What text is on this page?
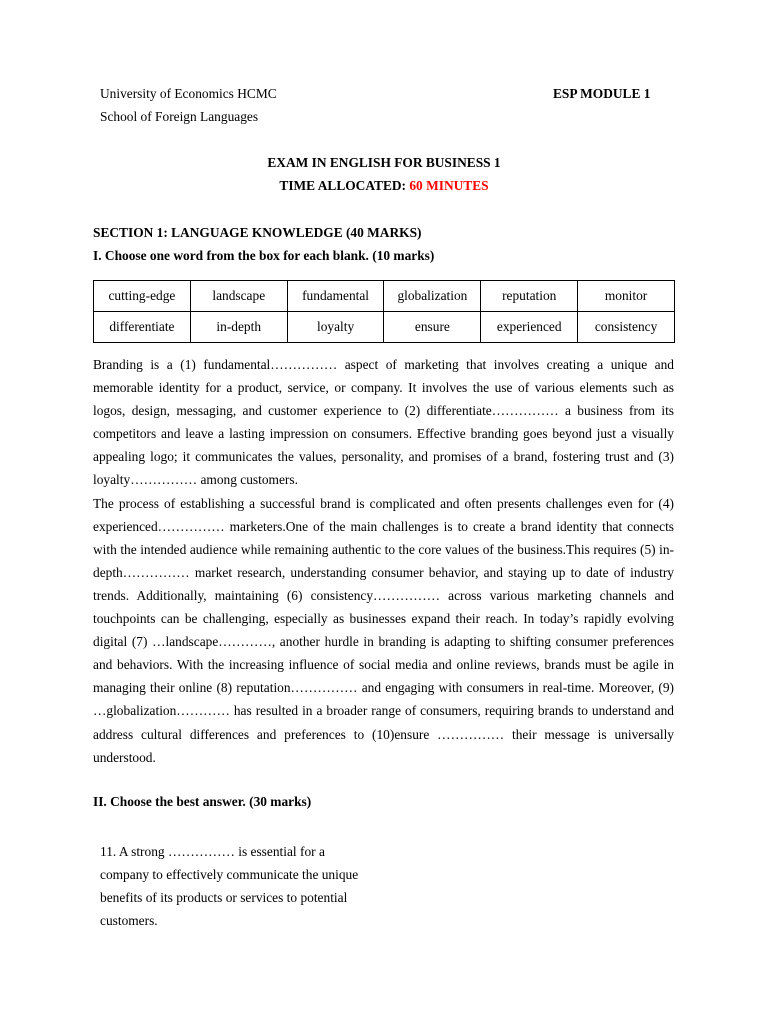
University of Economics HCMC
School of Foreign Languages
ESP MODULE 1
EXAM IN ENGLISH FOR BUSINESS 1
TIME ALLOCATED: 60 MINUTES
SECTION 1: LANGUAGE KNOWLEDGE (40 MARKS)
I. Choose one word from the box for each blank. (10 marks)
cutting-edge	landscape	fundamental	globalization	reputation	monitor
differentiate	in-depth	loyalty	ensure	experienced	consistency

Branding is a (1) fundamental…………… aspect of marketing that involves creating a unique and memorable identity for a product, service, or company. It involves the use of various elements such as logos, design, messaging, and customer experience to (2) differentiate…………… a business from its competitors and leave a lasting impression on consumers. Effective branding goes beyond just a visually appealing logo; it communicates the values, personality, and promises of a brand, fostering trust and (3) loyalty…………… among customers.

The process of establishing a successful brand is complicated and often presents challenges even for (4) experienced…………… marketers.One of the main challenges is to create a brand identity that connects with the intended audience while remaining authentic to the core values of the business.This requires (5) in-depth…………… market research, understanding consumer behavior, and staying up to date of industry trends. Additionally, maintaining (6) consistency…………… across various marketing channels and touchpoints can be challenging, especially as businesses expand their reach. In today’s rapidly evolving digital (7) …landscape…………, another hurdle in branding is adapting to shifting consumer preferences and behaviors. With the increasing influence of social media and online reviews, brands must be agile in managing their online (8) reputation…………… and engaging with consumers in real-time. Moreover, (9) …globalization………… has resulted in a broader range of consumers, requiring brands to understand and address cultural differences and preferences to (10)ensure …………… their message is universally understood.

II. Choose the best answer. (30 marks)
11. A strong …………… is essential for a company to effectively communicate the unique benefits of its products or services to potential customers.
